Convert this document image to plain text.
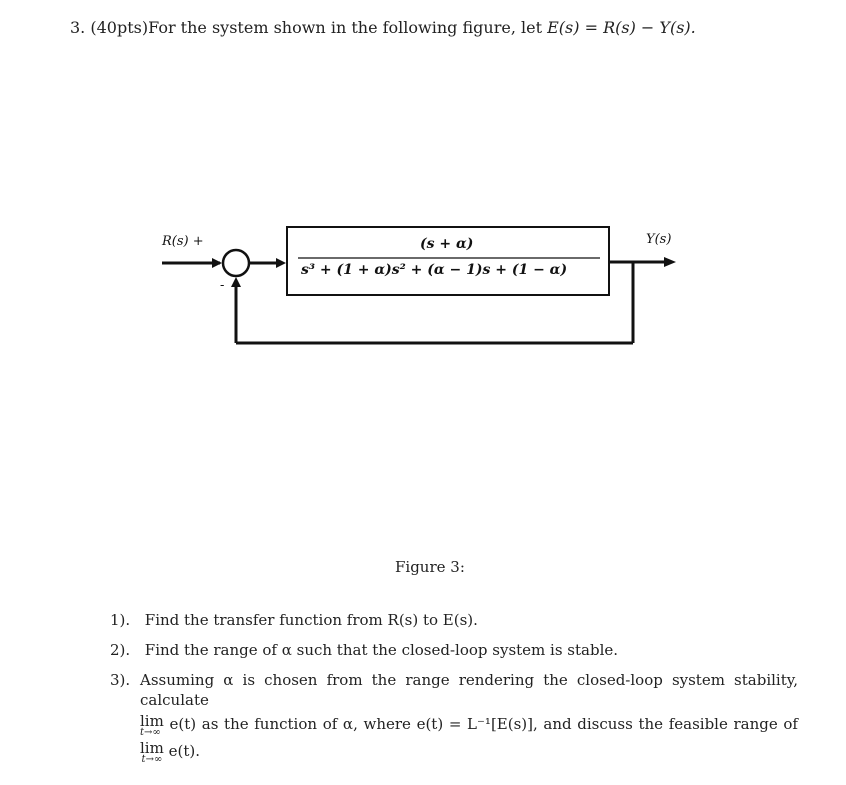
3. (40pts)For the system shown in the following figure, let E(s) = R(s) − Y(s).
R(s) +
-
Y(s)
(s + α)
s³ + (1 + α)s² + (α − 1)s + (1 − α)
Figure 3:
1). Find the transfer function from R(s) to E(s).
2). Find the range of α such that the closed-loop system is stable.
3). Assuming α is chosen from the range rendering the closed-loop system stability, calculate
lim
t→∞ e(t) as the function of α, where e(t) = L⁻¹[E(s)], and discuss the feasible range of
lim
t→∞ e(t).
